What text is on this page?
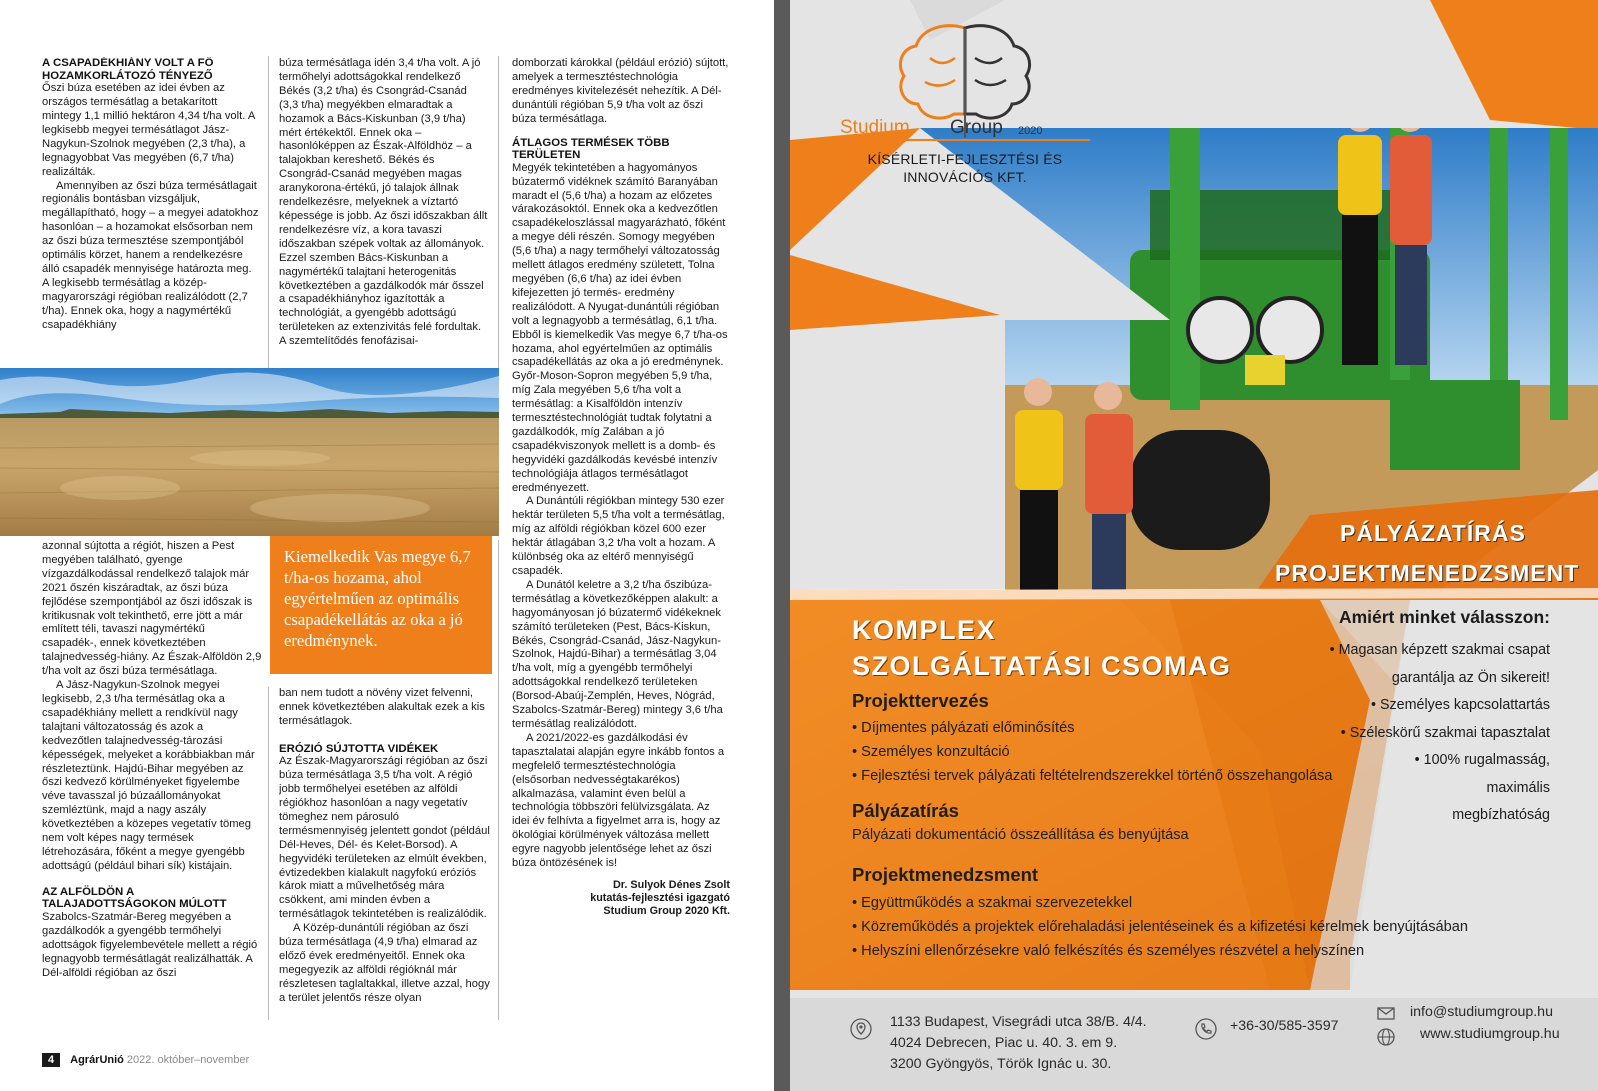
A CSAPADÉKHIÁNY VOLT A FŐ HOZAMKORLÁTOZÓ TÉNYEZŐ

Őszi búza esetében az idei évben az országos termésátlag a betakarított mintegy 1,1 millió hektáron 4,34 t/ha volt. A legkisebb megyei termésátlagot Jász-Nagykun-Szolnok megyében (2,3 t/ha), a legnagyobbat Vas megyében (6,7 t/ha) realizálták.

Amennyiben az őszi búza termésátlagait regionális bontásban vizsgáljuk, megállapítható, hogy – a megyei adatokhoz hasonlóan – a hozamokat elsősorban nem az őszi búza termesztése szempontjából optimális körzet, hanem a rendelkezésre álló csapadék mennyisége határozta meg. A legkisebb termésátlag a közép-magyarországi régióban realizálódott (2,7 t/ha). Ennek oka, hogy a nagymértékű csapadékhiány

búza termésátlaga idén 3,4 t/ha volt. A jó termőhelyi adottságokkal rendelkező Békés (3,2 t/ha) és Csongrád-Csanád (3,3 t/ha) megyékben elmaradtak a hozamok a Bács-Kiskunban (3,9 t/ha) mért értékektől. Ennek oka – hasonlóképpen az Észak-Alföldhöz – a talajokban kereshető. Békés és Csongrád-Csanád megyében magas aranykorona-értékű, jó talajok állnak rendelkezésre, melyeknek a víztartó képessége is jobb. Az őszi időszakban állt rendelkezésre víz, a kora tavaszi időszakban szépek voltak az állományok. Ezzel szemben Bács-Kiskunban a nagymértékű talajtani heterogenitás következtében a gazdálkodók már ősszel a csapadékhiányhoz igazították a technológiát, a gyengébb adottságú területeken az extenzivitás felé fordultak. A szemtelítődés fenofázisai-

domborzati károkkal (például erózió) sújtott, amelyek a termesztéstechnológia eredményes kivitelezését nehezítik. A Dél-dunántúli régióban 5,9 t/ha volt az őszi búza termésátlaga.

ÁTLAGOS TERMÉSEK TÖBB TERÜLETEN

Megyék tekintetében a hagyományos búzatermő vidéknek számító Baranyában maradt el (5,6 t/ha) a hozam az előzetes várakozásoktól. Ennek oka a kedvezőtlen csapadékeloszlással magyarázható, főként a megye déli részén. Somogy megyében (5,6 t/ha) a nagy termőhelyi változatosság mellett átlagos eredmény született, Tolna megyében (6,6 t/ha) az idei évben kifejezetten jó termés- eredmény realizálódott. A Nyugat-dunántúli régióban volt a legnagyobb a termésátlag, 6,1 t/ha. Ebből is kiemelkedik Vas megye 6,7 t/ha-os hozama, ahol egyértelműen az optimális csapadékellátás az oka a jó eredménynek. Győr-Moson-Sopron megyében 5,9 t/ha, míg Zala megyében 5,6 t/ha volt a termésátlag: a Kisalföldön intenzív termesztéstechnológiát tudtak folytatni a gazdálkodók, míg Zalában a jó csapadékviszonyok mellett is a domb- és hegyvidéki gazdálkodás kevésbé intenzív technológiája átlagos termésátlagot eredményezett.

A Dunántúli régiókban mintegy 530 ezer hektár területen 5,5 t/ha volt a termésátlag, míg az alföldi régiókban közel 600 ezer hektár átlagában 3,2 t/ha volt a hozam. A különbség oka az eltérő mennyiségű csapadék.

A Dunától keletre a 3,2 t/ha őszibúza-termésátlag a következőképpen alakult: a hagyományosan jó búzatermő vidékeknek számító területeken (Pest, Bács-Kiskun, Békés, Csongrád-Csanád, Jász-Nagykun-Szolnok, Hajdú-Bihar) a termésátlag 3,04 t/ha volt, míg a gyengébb termőhelyi adottságokkal rendelkező területeken (Borsod-Abaúj-Zemplén, Heves, Nógrád, Szabolcs-Szatmár-Bereg) mintegy 3,6 t/ha termésátlag realizálódott.

A 2021/2022-es gazdálkodási év tapasztalatai alapján egyre inkább fontos a megfelelő termesztéstechnológia (elsősorban nedvességtakarékos) alkalmazása, valamint éven belül a technológia többszöri felülvizsgálata. Az idei év felhívta a figyelmet arra is, hogy az ökológiai körülmények változása mellett egyre nagyobb jelentősége lehet az őszi búza öntözésének is!

Dr. Sulyok Dénes Zsolt
kutatás-fejlesztési igazgató
Studium Group 2020 Kft.
Kiemelkedik Vas megye 6,7 t/ha-os hozama, ahol egyértelműen az optimális csapadékellátás az oka a jó eredménynek.

azonnal sújtotta a régiót, hiszen a Pest megyében található, gyenge vízgazdálkodással rendelkező talajok már 2021 őszén kiszáradtak, az őszi búza fejlődése szempontjából az őszi időszak is kritikusnak volt tekinthető, erre jött a már említett téli, tavaszi nagymértékű csapadék-, ennek következtében talajnedvesség-hiány. Az Észak-Alföldön 2,9 t/ha volt az őszi búza termésátlaga.

A Jász-Nagykun-Szolnok megyei legkisebb, 2,3 t/ha termésátlag oka a csapadékhiány mellett a rendkívül nagy talajtani változatosság és azok a kedvezőtlen talajnedvesség-tározási képességek, melyeket a korábbiakban már részleteztünk. Hajdú-Bihar megyében az őszi kedvező körülményeket figyelembe véve tavasszal jó búzaállományokat szemléztünk, majd a nagy aszály következtében a közepes vegetatív tömeg nem volt képes nagy termések létrehozására, főként a megye gyengébb adottságú (például bihari sík) kistájain.

AZ ALFÖLDÖN A TALAJADOTTSÁGOKON MÚLOTT

Szabolcs-Szatmár-Bereg megyében a gazdálkodók a gyengébb termőhelyi adottságok figyelembevétele mellett a régió legnagyobb termésátlagát realizálhatták. A Dél-alföldi régióban az őszi

ban nem tudott a növény vizet felvenni, ennek következtében alakultak ezek a kis termésátlagok.

ERÓZIÓ SÚJTOTTA VIDÉKEK

Az Észak-Magyarországi régióban az őszi búza termésátlaga 3,5 t/ha volt. A régió jobb termőhelyei esetében az alföldi régiókhoz hasonlóan a nagy vegetatív tömeghez nem párosuló termésmennyiség jelentett gondot (például Dél-Heves, Dél- és Kelet-Borsod). A hegyvidéki területeken az elmúlt években, évtizedekben kialakult nagyfokú eróziós károk miatt a művelhetőség mára csökkent, ami minden évben a termésátlagok tekintetében is realizálódik.

A Közép-dunántúli régióban az őszi búza termésátlaga (4,9 t/ha) elmarad az előző évek eredményeitől. Ennek oka megegyezik az alföldi régióknál már részletesen taglaltakkal, illetve azzal, hogy a terület jelentős része olyan

4	AgrárUnió 2022. október–november
Studium Group 2020
KÍSÉRLETI-FEJLESZTÉSI ÉS
INNOVÁCIÓS KFT.
PÁLYÁZATÍRÁS
PROJEKTMENEDZSMENT
KOMPLEX
SZOLGÁLTATÁSI CSOMAG
Projekttervezés
• Díjmentes pályázati előminősítés
• Személyes konzultáció
• Fejlesztési tervek pályázati feltételrendszerekkel történő összehangolása
Pályázatírás
Pályázati dokumentáció összeállítása és benyújtása
Projektmenedzsment
• Együttműködés a szakmai szervezetekkel
• Közreműködés a projektek előrehaladási jelentéseinek és a kifizetési kérelmek benyújtásában
• Helyszíni ellenőrzésekre való felkészítés és személyes részvétel a helyszínen
Amiért minket válasszon:
• Magasan képzett szakmai csapat
garantálja az Ön sikereit!
• Személyes kapcsolattartás
• Széleskörű szakmai tapasztalat
• 100% rugalmasság,
maximális
megbízhatóság
1133 Budapest, Visegrádi utca 38/B. 4/4.
4024 Debrecen, Piac u. 40. 3. em 9.
3200 Gyöngyös, Török Ignác u. 30.
+36-30/585-3597
info@studiumgroup.hu
www.studiumgroup.hu
